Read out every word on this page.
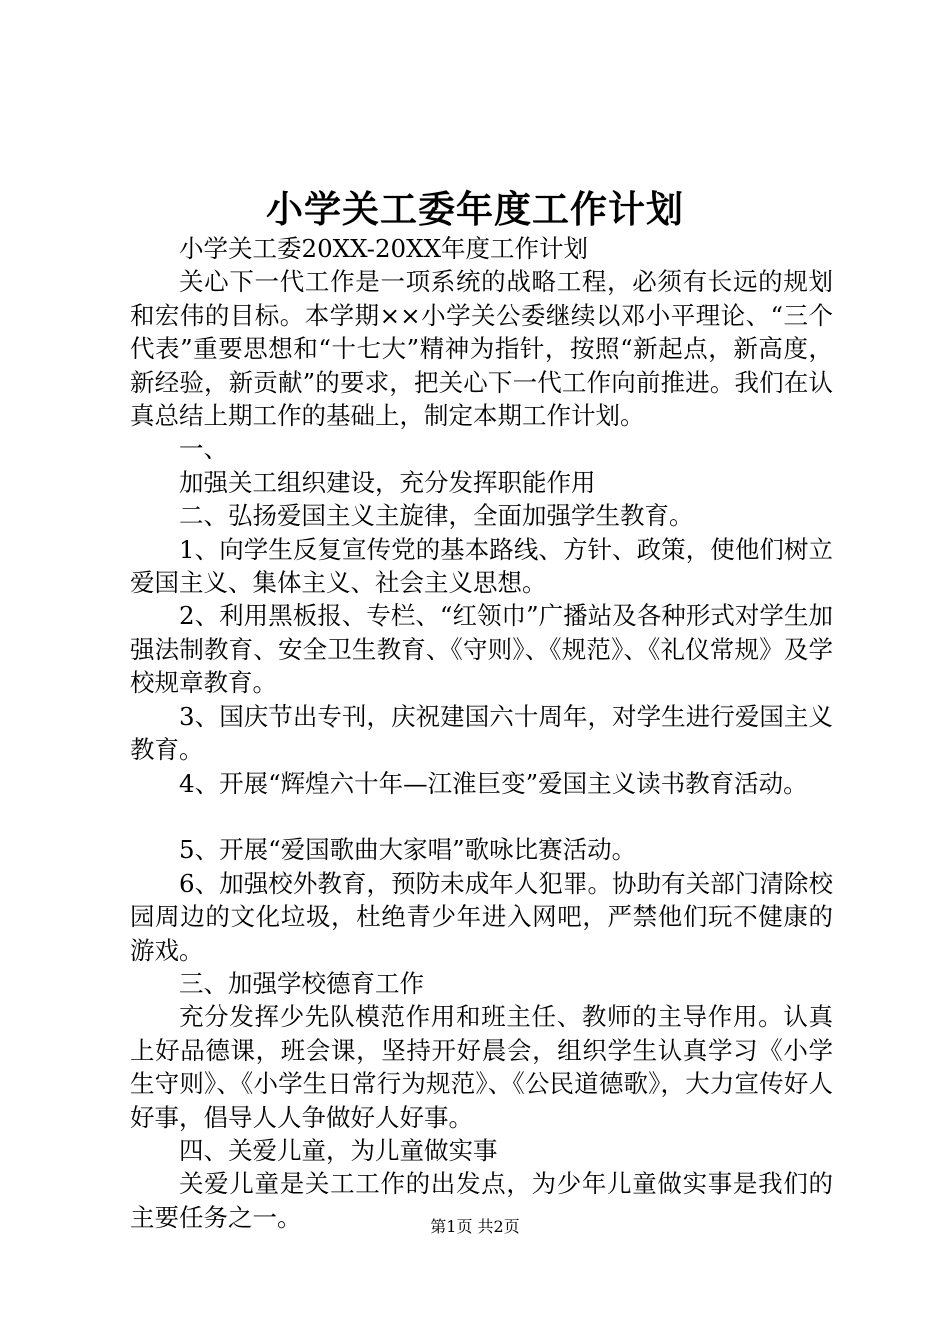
小学关工委年度工作计划

小学关工委20XX-20XX年度工作计划

关心下一代工作是一项系统的战略工程，必须有长远的规划和宏伟的目标。本学期××小学关公委继续以邓小平理论、“三个代表”重要思想和“十七大”精神为指针，按照“新起点，新高度，新经验，新贡献”的要求，把关心下一代工作向前推进。我们在认真总结上期工作的基础上，制定本期工作计划。

一、

加强关工组织建设，充分发挥职能作用

二、弘扬爱国主义主旋律，全面加强学生教育。

1、向学生反复宣传党的基本路线、方针、政策，使他们树立爱国主义、集体主义、社会主义思想。

2、利用黑板报、专栏、“红领巾”广播站及各种形式对学生加强法制教育、安全卫生教育、《守则》、《规范》、《礼仪常规》及学校规章教育。

3、国庆节出专刊，庆祝建国六十周年，对学生进行爱国主义教育。

4、开展“辉煌六十年—江淮巨变”爱国主义读书教育活动。

5、开展“爱国歌曲大家唱”歌咏比赛活动。

6、加强校外教育，预防未成年人犯罪。协助有关部门清除校园周边的文化垃圾，杜绝青少年进入网吧，严禁他们玩不健康的游戏。

三、加强学校德育工作

充分发挥少先队模范作用和班主任、教师的主导作用。认真上好品德课，班会课，坚持开好晨会，组织学生认真学习《小学生守则》、《小学生日常行为规范》、《公民道德歌》，大力宣传好人好事，倡导人人争做好人好事。

四、关爱儿童，为儿童做实事

关爱儿童是关工工作的出发点，为少年儿童做实事是我们的主要任务之一。	第1页 共2页
